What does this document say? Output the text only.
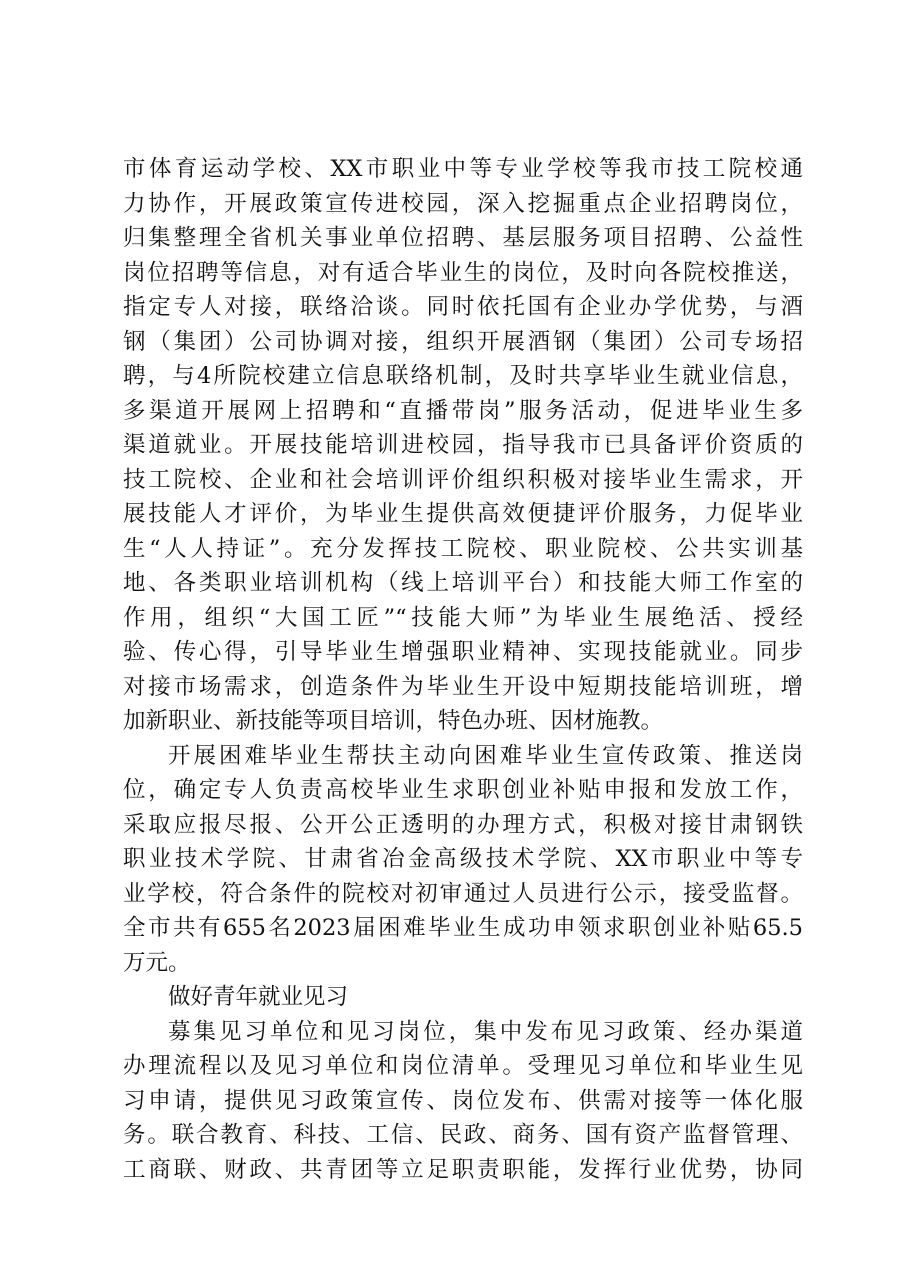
市体育运动学校、XX市职业中等专业学校等我市技工院校通
力协作，开展政策宣传进校园，深入挖掘重点企业招聘岗位，
归集整理全省机关事业单位招聘、基层服务项目招聘、公益性
岗位招聘等信息，对有适合毕业生的岗位，及时向各院校推送，
指定专人对接，联络洽谈。同时依托国有企业办学优势，与酒
钢（集团）公司协调对接，组织开展酒钢（集团）公司专场招
聘，与4所院校建立信息联络机制，及时共享毕业生就业信息，
多渠道开展网上招聘和“直播带岗”服务活动，促进毕业生多
渠道就业。开展技能培训进校园，指导我市已具备评价资质的
技工院校、企业和社会培训评价组织积极对接毕业生需求，开
展技能人才评价，为毕业生提供高效便捷评价服务，力促毕业
生“人人持证”。充分发挥技工院校、职业院校、公共实训基
地、各类职业培训机构（线上培训平台）和技能大师工作室的
作用，组织“大国工匠”“技能大师”为毕业生展绝活、授经
验、传心得，引导毕业生增强职业精神、实现技能就业。同步
对接市场需求，创造条件为毕业生开设中短期技能培训班，增
加新职业、新技能等项目培训，特色办班、因材施教。
开展困难毕业生帮扶主动向困难毕业生宣传政策、推送岗
位，确定专人负责高校毕业生求职创业补贴申报和发放工作，
采取应报尽报、公开公正透明的办理方式，积极对接甘肃钢铁
职业技术学院、甘肃省冶金高级技术学院、XX市职业中等专
业学校，符合条件的院校对初审通过人员进行公示，接受监督。
全市共有655名2023届困难毕业生成功申领求职创业补贴65.5
万元。
做好青年就业见习
募集见习单位和见习岗位，集中发布见习政策、经办渠道
办理流程以及见习单位和岗位清单。受理见习单位和毕业生见
习申请，提供见习政策宣传、岗位发布、供需对接等一体化服
务。联合教育、科技、工信、民政、商务、国有资产监督管理、
工商联、财政、共青团等立足职责职能，发挥行业优势，协同
